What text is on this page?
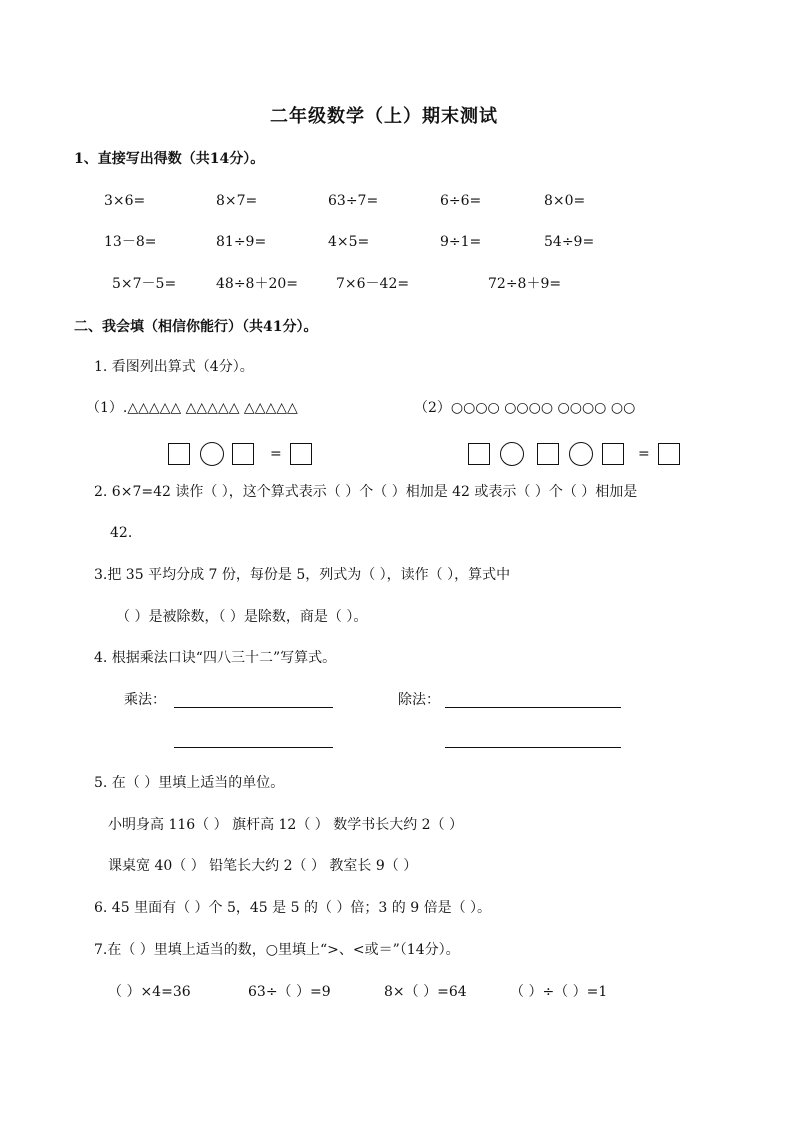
二年级数学（上）期末测试
1、直接写出得数（共14分）。
3×6=	8×7=	63÷7=	6÷6=	8×0=
13－8=	81÷9=	4×5=	9÷1=	54÷9=
5×7－5=	48÷8＋20=	7×6－42=	72÷8＋9=
二、我会填（相信你能行）（共41分）。
1. 看图列出算式（4分）。
（1）.△△△△△ △△△△△ △△△△△	（2）○○○○ ○○○○ ○○○○ ○○
=	=
2. 6×7=42 读作（ ），这个算式表示（ ）个（ ）相加是 42 或表示（ ）个（ ）相加是
42.
3.把 35 平均分成 7 份，每份是 5，列式为（ ），读作（ ），算式中
（ ）是被除数，（ ）是除数，商是（ ）。
4. 根据乘法口诀“四八三十二”写算式。
乘法：	除法：
5. 在（ ）里填上适当的单位。
小明身高 116（ ） 旗杆高 12（ ） 数学书长大约 2（ ）
课桌宽 40（ ） 铅笔长大约 2（ ） 教室长 9（ ）
6. 45 里面有（ ）个 5，45 是 5 的（ ）倍；3 的 9 倍是（ ）。
7.在（ ）里填上适当的数，○里填上“>、<或＝”（14分）。
（ ）×4=36	63÷（ ）=9	8×（ ）=64	（ ）÷（ ）=1
